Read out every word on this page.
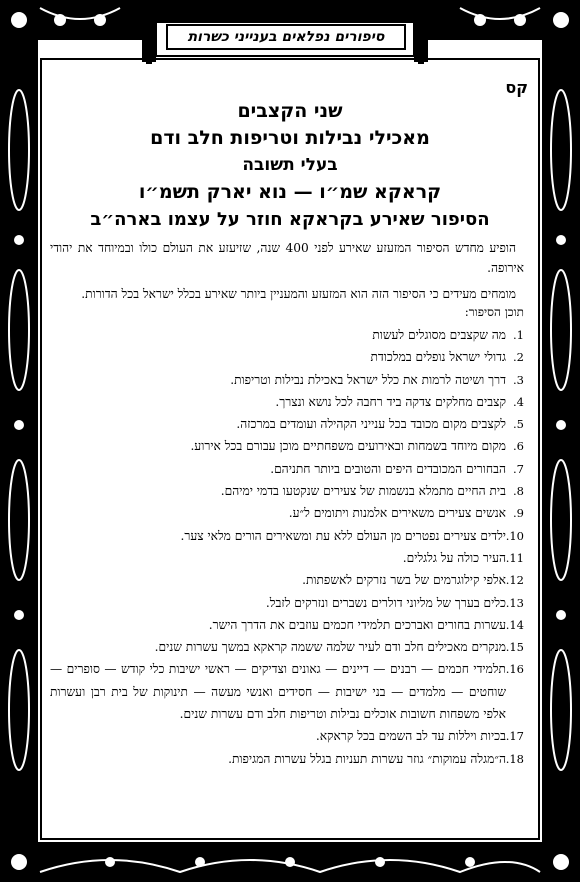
סיפורים נפלאים בענייני כשרות
קס
שני הקצבים
מאכילי נבילות וטריפות חלב ודם
בעלי תשובה
קראקא שמ״ו — נוא יארק תשמ״ו
הסיפור שאירע בקראקא חוזר על עצמו בארה״ב

הופיע מחדש הסיפור המזעזע שאירע לפני 400 שנה, שזיעזע את העולם כולו ובמיוחד את יהודי אירופה.

מומחים מעידים כי הסיפור הזה הוא המזעזע והמעניין ביותר שאירע בכלל ישראל בכל הדורות.

תוכן הסיפור:
1.
מה שקצבים מסוגלים לעשות
2.
גדולי ישראל נופלים במלכודת
3.
דרך ושיטה לרמות את כלל ישראל באכילת נבילות וטריפות.
4.
קצבים מחלקים צדקה ביד רחבה לכל נושא ונצרך.
5.
לקצבים מקום מכובד בכל ענייני הקהילה ועומדים במרכזה.
6.
מקום מיוחד בשמחות ובאירועים משפחתיים מוכן עבורם בכל אירוע.
7.
הבחורים המכובדים היפים והטובים ביותר חתניהם.
8.
בית החיים מתמלא בנשמות של צעירים שנקטעו בדמי ימיהם.
9.
אנשים צעירים משאירים אלמנות ויתומים ל״ע.
10.
ילדים צעירים נפטרים מן העולם ללא עת ומשאירים הורים מלאי צער.
11.
העיר כולה על גלגלים.
12.
אלפי קילוגרמים של בשר נזרקים לאשפתות.
13.
כלים בערך של מליוני דולרים נשברים ונזרקים לזבל.
14.
עשרות בחורים ואברכים תלמידי חכמים עוזבים את הדרך הישר.
15.
מנקרים מאכילים חלב ודם לעיר שלמה ששמה קראקא במשך עשרות שנים.
16.
תלמידי חכמים — רבנים — דיינים — גאונים וצדיקים — ראשי ישיבות כלי קודש — סופרים — שוחטים — מלמדים — בני ישיבות — חסידים ואנשי מעשה — תינוקות של בית רבן ועשרות אלפי משפחות חשובות אוכלים נבילות וטריפות חלב ודם עשרות שנים.
17.
בכיות ויללות עד לב השמים בכל קראקא.
18.
ה״מגלה עמוקות״ גוזר עשרות תעניות בגלל עשרות המגיפות.
